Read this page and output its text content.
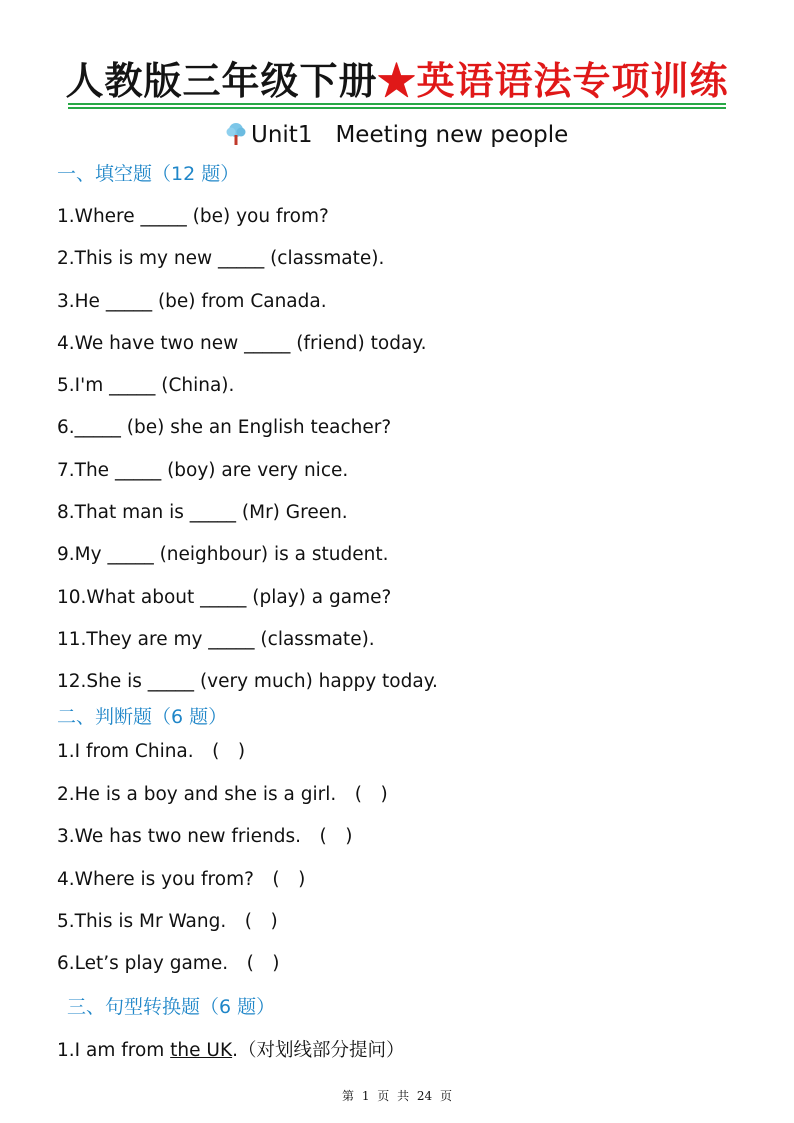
人教版三年级下册★英语语法专项训练
Unit1　Meeting new people
一、填空题（12 题）
1.Where _____ (be) you from?
2.This is my new _____ (classmate).
3.He _____ (be) from Canada.
4.We have two new _____ (friend) today.
5.I'm _____ (China).
6._____ (be) she an English teacher?
7.The _____ (boy) are very nice.
8.That man is _____ (Mr) Green.
9.My _____ (neighbour) is a student.
10.What about _____ (play) a game?
11.They are my _____ (classmate).
12.She is _____ (very much) happy today.
二、判断题（6 题）
1.I from China.　(　)
2.He is a boy and she is a girl.　(　)
3.We has two new friends.　(　)
4.Where is you from?　(　)
5.This is Mr Wang.　(　)
6.Let’s play game.　(　)
三、句型转换题（6 题）
1.I am from the UK.（对划线部分提问）
第 1 页 共 24 页
